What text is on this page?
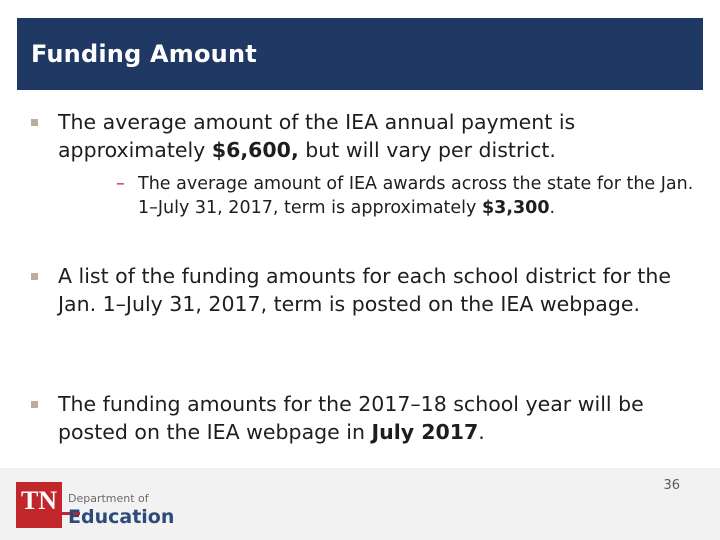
Funding Amount
The average amount of the IEA annual payment is approximately $6,600, but will vary per district.
– The average amount of IEA awards across the state for the Jan. 1–July 31, 2017, term is approximately $3,300.
A list of the funding amounts for each school district for the Jan. 1–July 31, 2017, term is posted on the IEA webpage.
The funding amounts for the 2017–18 school year will be posted on the IEA webpage in July 2017.
TN Department of
Education
36
